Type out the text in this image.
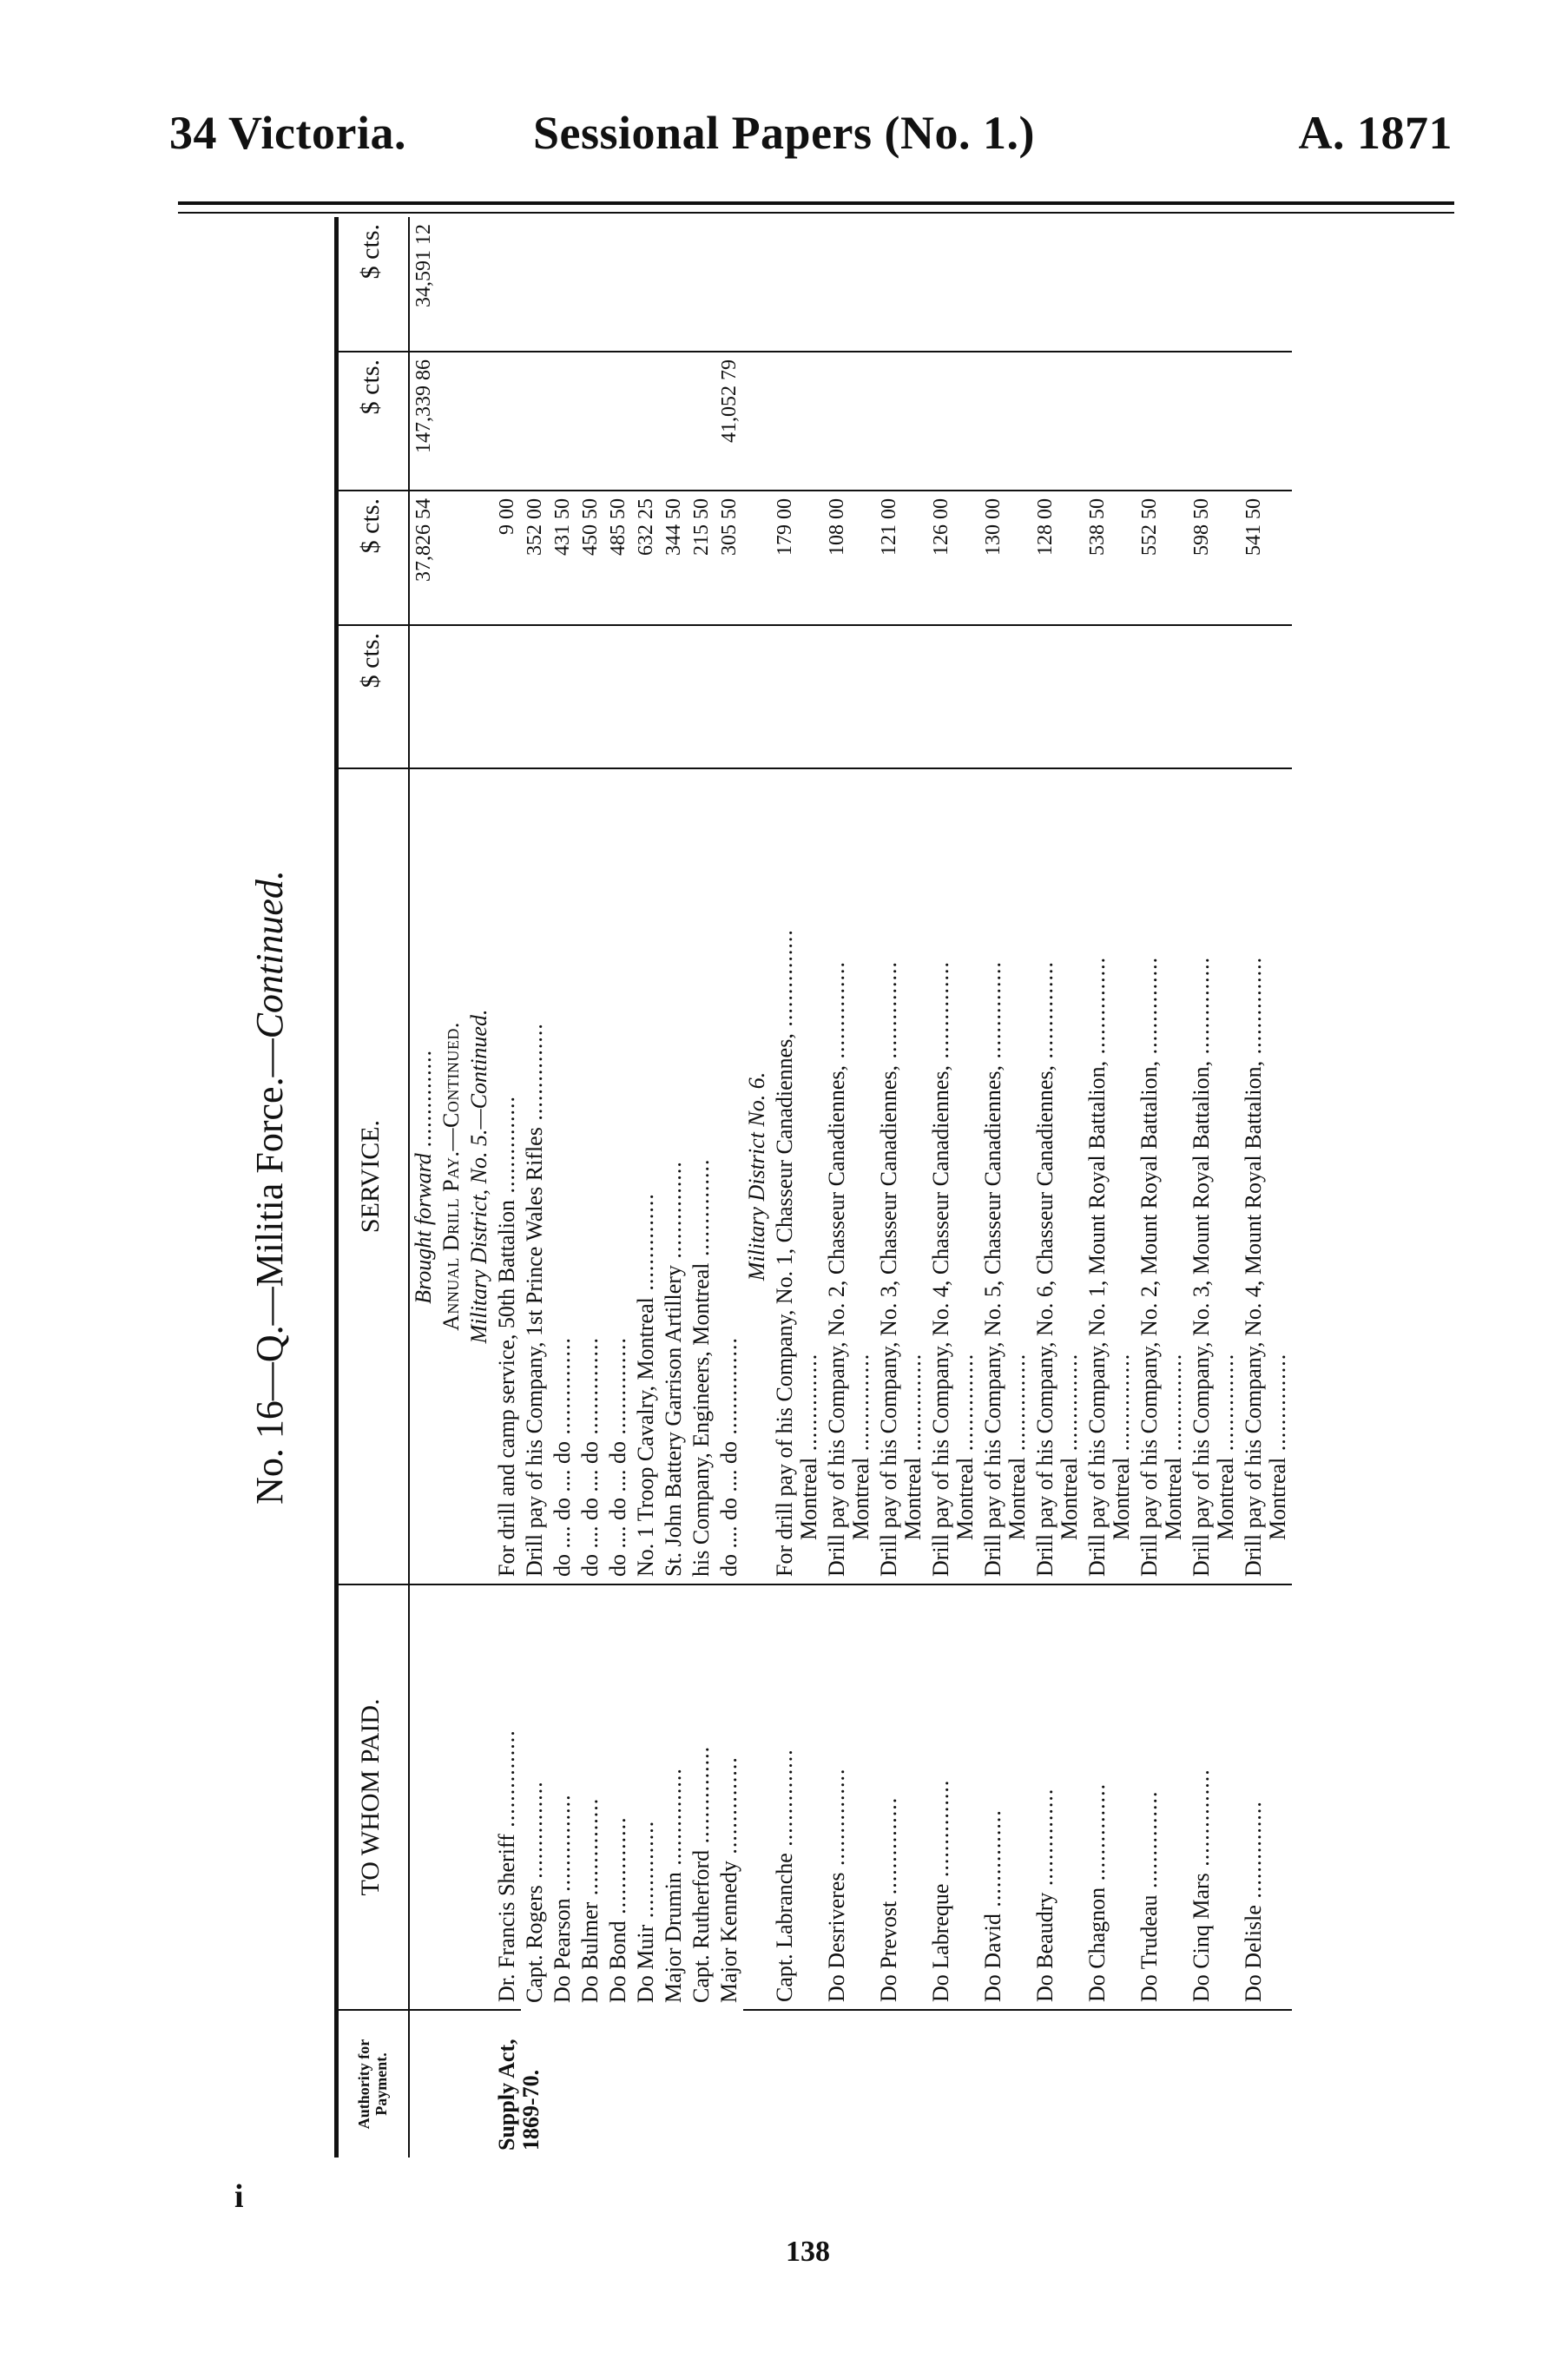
34 Victoria.	Sessional Papers (No. 1.)	A. 1871
No. 16—Q.—Militia Force.—Continued.
Authority for Payment.	TO WHOM PAID.	SERVICE.	$ cts.	$ cts.	$ cts.	$ cts.
		Brought forward .....		37,826 54	147,339 86	34,591 12
		Annual Drill Pay.—Continued.				
		Military District, No. 5.—Continued.				
Supply Act, 1869-70.	Dr. Francis Sheriff .....	For drill and camp service, 50th Battalion .....		9 00		
	Capt. Rogers .....	Drill pay of his Company, 1st Prince Wales Rifles .....		352 00		
	Do Pearson .....	do .... do .... do .....		431 50		
	Do Bulmer .....	do .... do .... do .....		450 50		
	Do Bond .....	do .... do .... do .....		485 50		
	Do Muir .....	No. 1 Troop Cavalry, Montreal .....		632 25		
	Major Drumin .....	St. John Battery Garrison Artillery .....		344 50		
	Capt. Rutherford .....	his Company, Engineers, Montreal .....		215 50		
	Major Kennedy .....	do .... do .... do .....		305 50	41,052 79	
		Military District No. 6.				
	Capt. Labranche .....	For drill pay of his Company, No. 1, Chasseur Canadiennes, ..... Montreal .....		179 00		
	Do Desriveres .....	Drill pay of his Company, No. 2, Chasseur Canadiennes, ..... Montreal .....		108 00		
	Do Prevost .....	Drill pay of his Company, No. 3, Chasseur Canadiennes, ..... Montreal .....		121 00		
	Do Labreque .....	Drill pay of his Company, No. 4, Chasseur Canadiennes, ..... Montreal .....		126 00		
	Do David .....	Drill pay of his Company, No. 5, Chasseur Canadiennes, ..... Montreal .....		130 00		
	Do Beaudry .....	Drill pay of his Company, No. 6, Chasseur Canadiennes, ..... Montreal .....		128 00		
	Do Chagnon .....	Drill pay of his Company, No. 1, Mount Royal Battalion, ..... Montreal .....		538 50		
	Do Trudeau .....	Drill pay of his Company, No. 2, Mount Royal Battalion, ..... Montreal .....		552 50		
	Do Cinq Mars .....	Drill pay of his Company, No. 3, Mount Royal Battalion, ..... Montreal .....		598 50		
	Do Delisle .....	Drill pay of his Company, No. 4, Mount Royal Battalion, ..... Montreal .....		541 50		
i
138
